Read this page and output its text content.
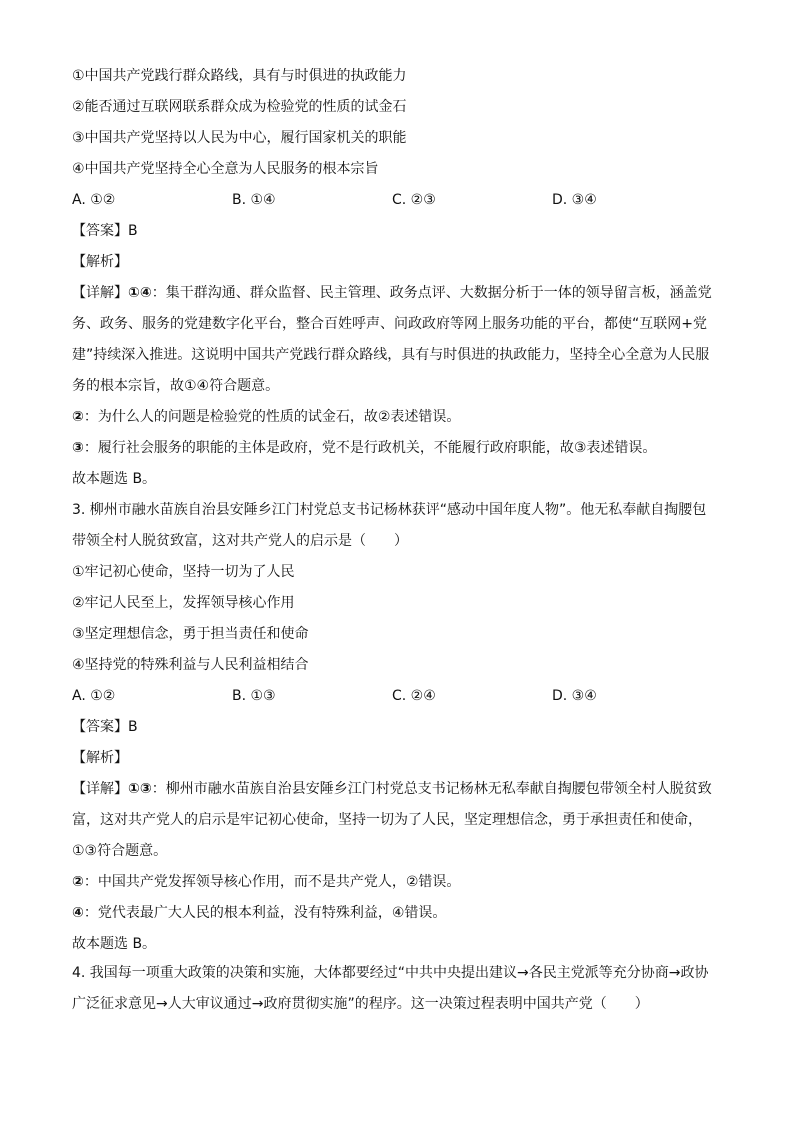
①中国共产党践行群众路线，具有与时俱进的执政能力
②能否通过互联网联系群众成为检验党的性质的试金石
③中国共产党坚持以人民为中心，履行国家机关的职能
④中国共产党坚持全心全意为人民服务的根本宗旨
A. ①②	B. ①④	C. ②③	D. ③④
【答案】B
【解析】
【详解】①④：集干群沟通、群众监督、民主管理、政务点评、大数据分析于一体的领导留言板，涵盖党
务、政务、服务的党建数字化平台，整合百姓呼声、问政政府等网上服务功能的平台，都使“互联网+党
建”持续深入推进。这说明中国共产党践行群众路线，具有与时俱进的执政能力，坚持全心全意为人民服
务的根本宗旨，故①④符合题意。
②：为什么人的问题是检验党的性质的试金石，故②表述错误。
③：履行社会服务的职能的主体是政府，党不是行政机关，不能履行政府职能，故③表述错误。
故本题选 B。
3. 柳州市融水苗族自治县安陲乡江门村党总支书记杨林获评“感动中国年度人物”。他无私奉献自掏腰包
带领全村人脱贫致富，这对共产党人的启示是（　　）
①牢记初心使命，坚持一切为了人民
②牢记人民至上，发挥领导核心作用
③坚定理想信念，勇于担当责任和使命
④坚持党的特殊利益与人民利益相结合
A. ①②	B. ①③	C. ②④	D. ③④
【答案】B
【解析】
【详解】①③：柳州市融水苗族自治县安陲乡江门村党总支书记杨林无私奉献自掏腰包带领全村人脱贫致
富，这对共产党人的启示是牢记初心使命，坚持一切为了人民，坚定理想信念，勇于承担责任和使命，
①③符合题意。
②：中国共产党发挥领导核心作用，而不是共产党人，②错误。
④：党代表最广大人民的根本利益，没有特殊利益，④错误。
故本题选 B。
4. 我国每一项重大政策的决策和实施，大体都要经过“中共中央提出建议→各民主党派等充分协商→政协
广泛征求意见→人大审议通过→政府贯彻实施”的程序。这一决策过程表明中国共产党（　　）
